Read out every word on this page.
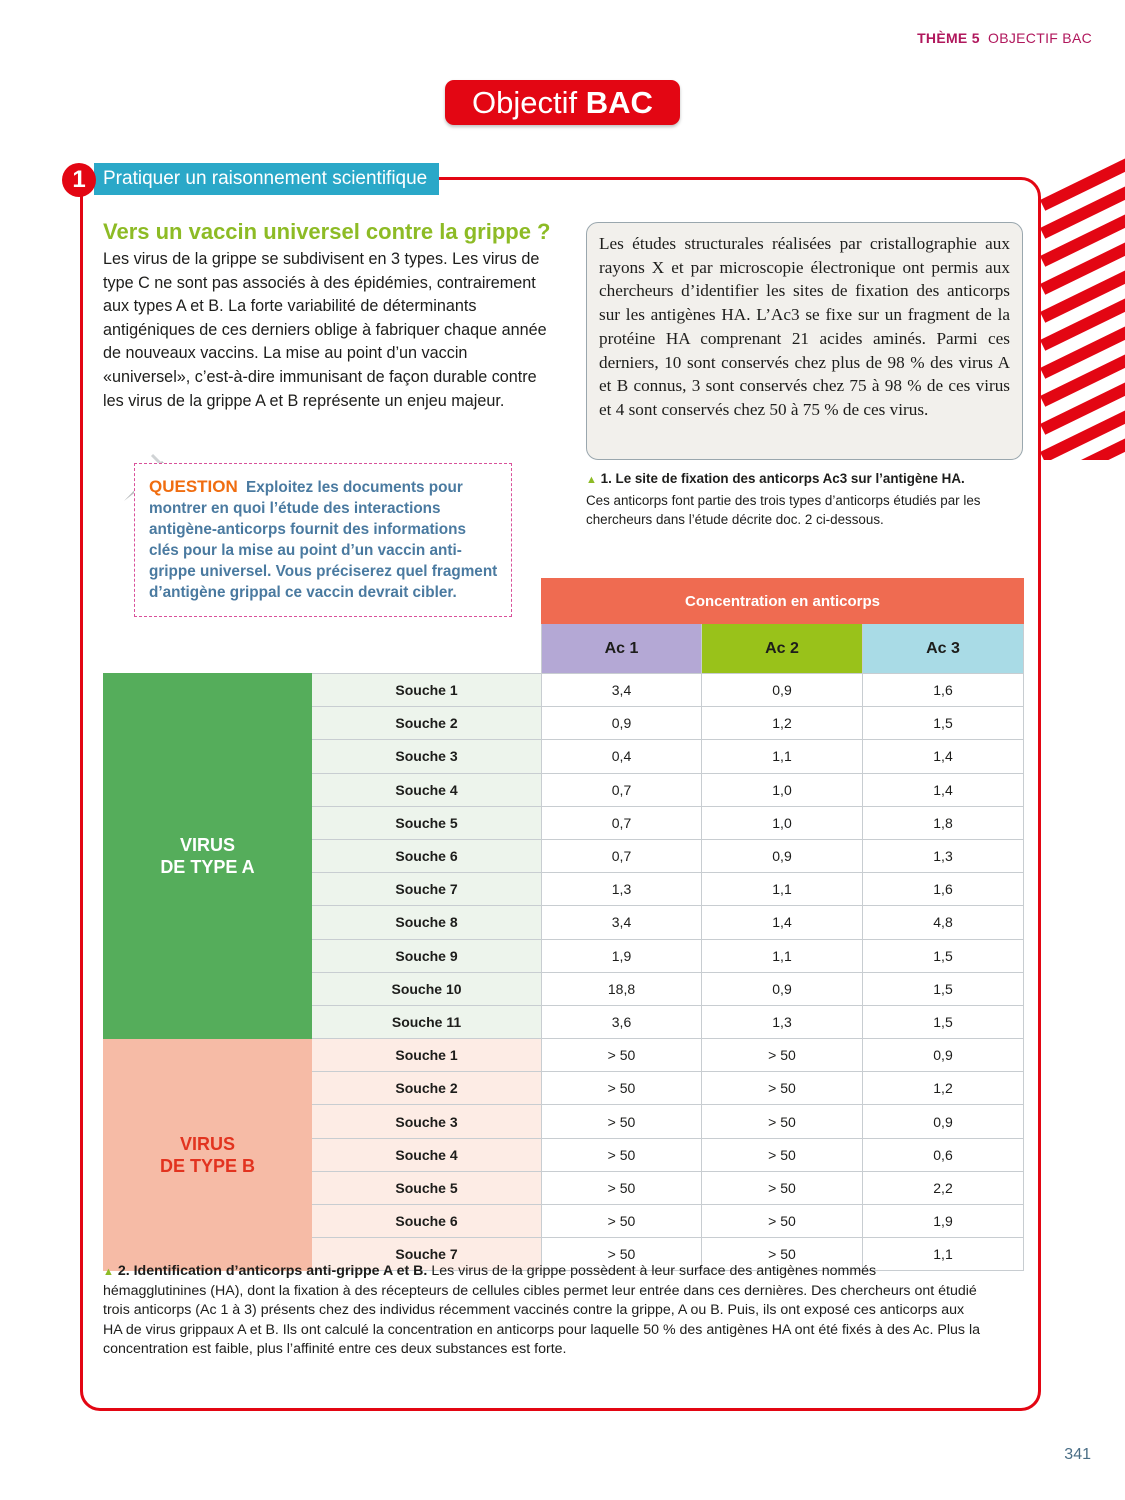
THÈME 5 OBJECTIF BAC
Objectif BAC
1 Pratiquer un raisonnement scientifique
Vers un vaccin universel contre la grippe ?

Les virus de la grippe se subdivisent en 3 types. Les virus de type C ne sont pas associés à des épidémies, contrairement aux types A et B. La forte variabilité de déterminants antigéniques de ces derniers oblige à fabriquer chaque année de nouveaux vaccins. La mise au point d’un vaccin «universel», c’est-à-dire immunisant de façon durable contre les virus de la grippe A et B représente un enjeu majeur.

Les études structurales réalisées par cristallographie aux rayons X et par microscopie électronique ont permis aux chercheurs d’identifier les sites de fixation des anticorps sur les antigènes HA. L’Ac3 se fixe sur un fragment de la protéine HA comprenant 21 acides aminés. Parmi ces derniers, 10 sont conservés chez plus de 98 % des virus A et B connus, 3 sont conservés chez 75 à 98 % de ces virus et 4 sont conservés chez 50 à 75 % de ces virus.

▲ 1. Le site de fixation des anticorps Ac3 sur l’antigène HA.
Ces anticorps font partie des trois types d’anticorps étudiés par les chercheurs dans l’étude décrite doc. 2 ci-dessous.

QUESTION Exploitez les documents pour montrer en quoi l’étude des interactions antigène-anticorps fournit des informations clés pour la mise au point d’un vaccin anti-grippe universel. Vous préciserez quel fragment d’antigène grippal ce vaccin devrait cibler.
		Concentration en anticorps		
		Ac 1	Ac 2	Ac 3

VIRUS
DE TYPE A	Souche 1	3,4	0,9	1,6
	Souche 2	0,9	1,2	1,5
	Souche 3	0,4	1,1	1,4
	Souche 4	0,7	1,0	1,4
	Souche 5	0,7	1,0	1,8
	Souche 6	0,7	0,9	1,3
	Souche 7	1,3	1,1	1,6
	Souche 8	3,4	1,4	4,8
	Souche 9	1,9	1,1	1,5
	Souche 10	18,8	0,9	1,5
	Souche 11	3,6	1,3	1,5

VIRUS
DE TYPE B	Souche 1	> 50	> 50	0,9
	Souche 2	> 50	> 50	1,2
	Souche 3	> 50	> 50	0,9
	Souche 4	> 50	> 50	0,6
	Souche 5	> 50	> 50	2,2
	Souche 6	> 50	> 50	1,9
	Souche 7	> 50	> 50	1,1

▲ 2. Identification d’anticorps anti-grippe A et B. Les virus de la grippe possèdent à leur surface des antigènes nommés hémagglutinines (HA), dont la fixation à des récepteurs de cellules cibles permet leur entrée dans ces dernières. Des chercheurs ont étudié trois anticorps (Ac 1 à 3) présents chez des individus récemment vaccinés contre la grippe, A ou B. Puis, ils ont exposé ces anticorps aux HA de virus grippaux A et B. Ils ont calculé la concentration en anticorps pour laquelle 50 % des antigènes HA ont été fixés à des Ac. Plus la concentration est faible, plus l’affinité entre ces deux substances est forte.

341
